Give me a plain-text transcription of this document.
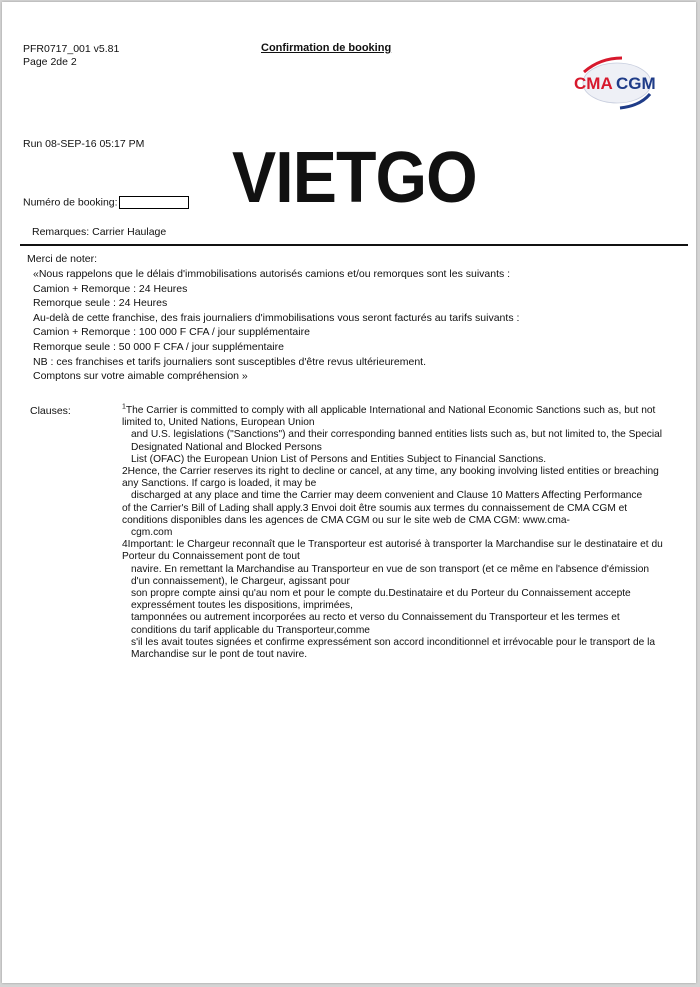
PFR0717_001 v5.81
Page 2de 2
Confirmation de booking
CMA CGM
Run 08-SEP-16 05:17 PM VIETGO
Numéro de booking:
Remarques: Carrier Haulage
Merci de noter:
«Nous rappelons que le délais d'immobilisations autorisés camions et/ou remorques sont les suivants :
Camion + Remorque : 24 Heures
Remorque seule : 24 Heures
Au-delà de cette franchise, des frais journaliers d'immobilisations vous seront facturés au tarifs suivants :
Camion + Remorque : 100 000 F CFA / jour supplémentaire
Remorque seule : 50 000 F CFA / jour supplémentaire
NB : ces franchises et tarifs journaliers sont susceptibles d'être revus ultérieurement.
Comptons sur votre aimable compréhension »
Clauses:	$^1$The Carrier is committed to comply with all applicable International and National Economic Sanctions such as, but not limited to, United Nations, European Union
and U.S. legislations ("Sanctions") and their corresponding banned entities lists such as, but not limited to, the Special Designated National and Blocked Persons
List (OFAC) the European Union List of Persons and Entities Subject to Financial Sanctions.
2Hence, the Carrier reserves its right to decline or cancel, at any time, any booking involving listed entities or breaching any Sanctions. If cargo is loaded, it may be
discharged at any place and time the Carrier may deem convenient and Clause 10 Matters Affecting Performance
of the Carrier's Bill of Lading shall apply.3 Envoi doit être soumis aux termes du connaissement de CMA CGM et conditions disponibles dans les agences de CMA CGM ou sur le site web de CMA CGM: www.cma-
cgm.com
4Important: le Chargeur reconnaît que le Transporteur est autorisé à transporter la Marchandise sur le destinataire et du Porteur du Connaissement pont de tout
navire. En remettant la Marchandise au Transporteur en vue de son transport (et ce même en l'absence d'émission d'un connaissement), le Chargeur, agissant pour
son propre compte ainsi qu'au nom et pour le compte du.Destinataire et du Porteur du Connaissement accepte expressément toutes les dispositions, imprimées,
tamponnées ou autrement incorporées au recto et verso du Connaissement du Transporteur et les termes et conditions du tarif applicable du Transporteur,comme
s'il les avait toutes signées et confirme expressément son accord inconditionnel et irrévocable pour le transport de la Marchandise sur le pont de tout navire.
